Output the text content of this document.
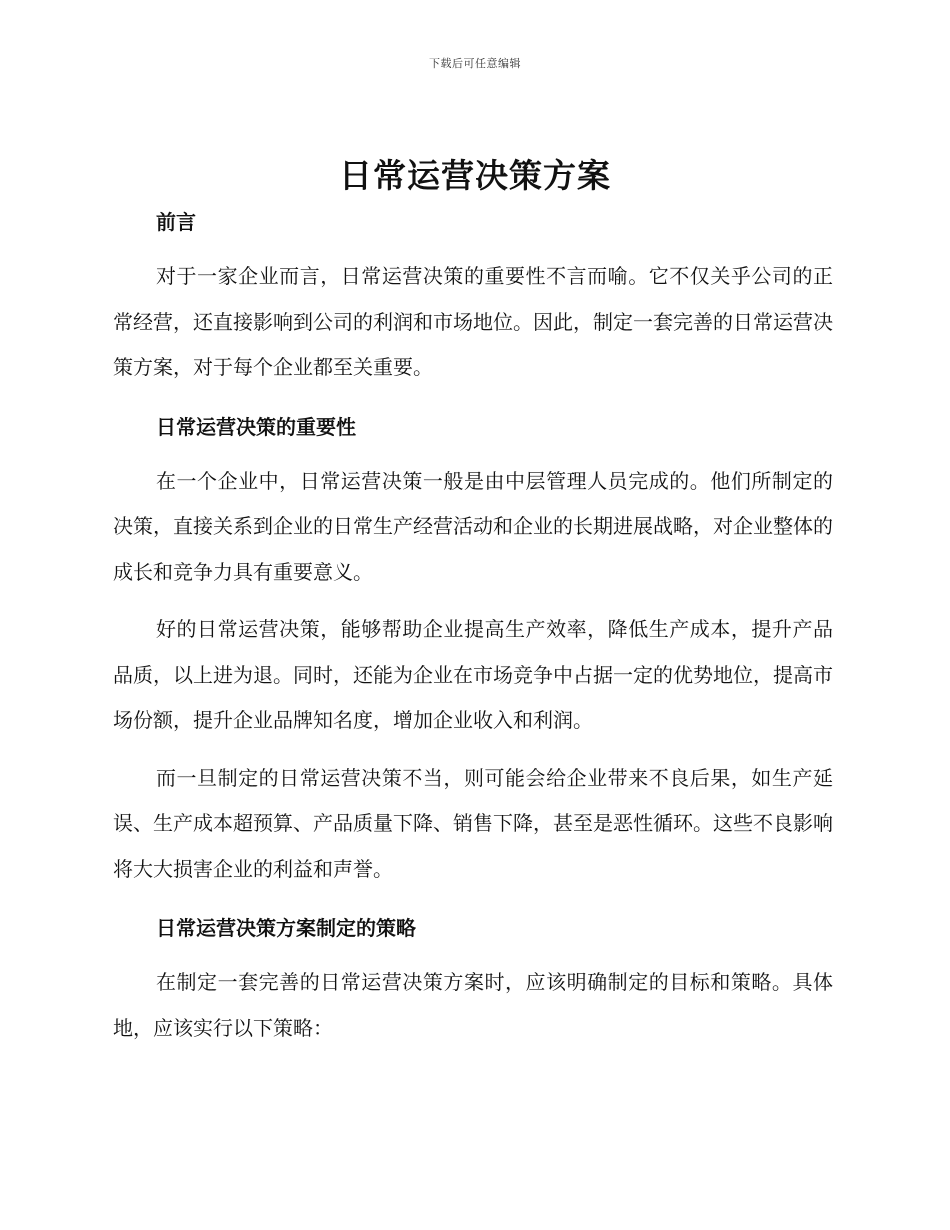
下载后可任意编辑
日常运营决策方案
前言

对于一家企业而言，日常运营决策的重要性不言而喻。它不仅关乎公司的正常经营，还直接影响到公司的利润和市场地位。因此，制定一套完善的日常运营决策方案，对于每个企业都至关重要。

日常运营决策的重要性

在一个企业中，日常运营决策一般是由中层管理人员完成的。他们所制定的决策，直接关系到企业的日常生产经营活动和企业的长期进展战略，对企业整体的成长和竞争力具有重要意义。

好的日常运营决策，能够帮助企业提高生产效率，降低生产成本，提升产品品质，以上进为退。同时，还能为企业在市场竞争中占据一定的优势地位，提高市场份额，提升企业品牌知名度，增加企业收入和利润。

而一旦制定的日常运营决策不当，则可能会给企业带来不良后果，如生产延误、生产成本超预算、产品质量下降、销售下降，甚至是恶性循环。这些不良影响将大大损害企业的利益和声誉。

日常运营决策方案制定的策略

在制定一套完善的日常运营决策方案时，应该明确制定的目标和策略。具体地，应该实行以下策略：
